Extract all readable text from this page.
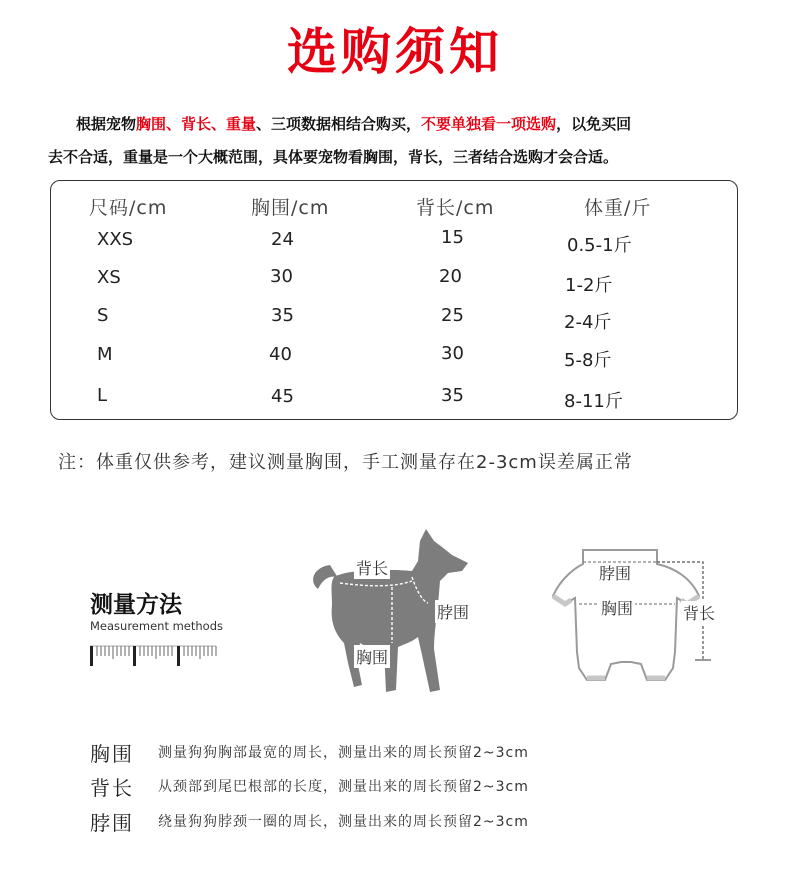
选购须知
根据宠物胸围、背长、重量、三项数据相结合购买，不要单独看一项选购，以免买回
去不合适，重量是一个大概范围，具体要宠物看胸围，背长，三者结合选购才会合适。
尺码/cm	胸围/cm	背长/cm	体重/斤
XXS	24	15	0.5-1斤
XS	30	20	1-2斤
S	35	25	2-4斤
M	40	30	5-8斤
L	45	35	8-11斤
注：体重仅供参考，建议测量胸围，手工测量存在2-3cm误差属正常
测量方法
Measurement methods
背长
脖围
胸围
脖围
胸围	背长
胸围 测量狗狗胸部最宽的周长，测量出来的周长预留2~3cm
背长 从颈部到尾巴根部的长度，测量出来的周长预留2~3cm
脖围 绕量狗狗脖颈一圈的周长，测量出来的周长预留2~3cm
